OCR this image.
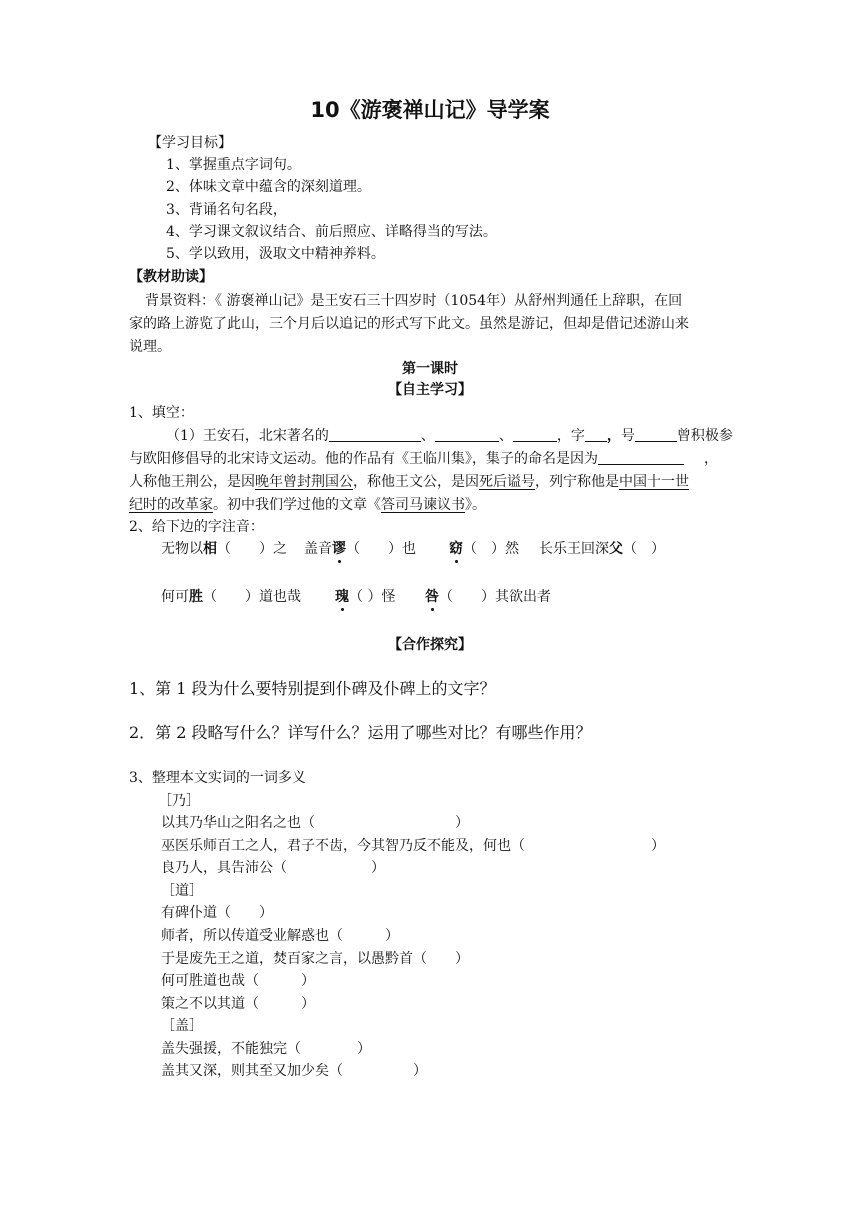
10《游褒禅山记》导学案
【学习目标】
1、掌握重点字词句。
2、体味文章中蕴含的深刻道理。
3、背诵名句名段，
4、学习课文叙议结合、前后照应、详略得当的写法。
5、学以致用，汲取文中精神养料。
【教材助读】
背景资料：《 游褒禅山记》是王安石三十四岁时（1054年）从舒州判通任上辞职，在回
家的路上游览了此山，三个月后以追记的形式写下此文。虽然是游记，但却是借记述游山来
说理。
第一课时
【自主学习】
1、填空：
（1）王安石，北宋著名的	、	、	，字 ，号	曾积极参
与欧阳修倡导的北宋诗文运动。他的作品有《王临川集》，集子的命名是因为	，
人称他王荆公，是因晚年曾封荆国公，称他王文公，是因死后谥号，列宁称他是中国十一世
纪时的改革家。初中我们学过他的文章《答司马谏议书》。
2、给下边的字注音：
无物以相（　　）之 盖音谬（　　）也 窈（　）然 长乐王回深父（　）
何可胜（　　）道也哉 瑰（ ）怪 咎（　　）其欲出者
【合作探究】
1、第 1 段为什么要特别提到仆碑及仆碑上的文字？
2．第 2 段略写什么？详写什么？运用了哪些对比？有哪些作用？
3、整理本文实词的一词多义
［乃］
以其乃华山之阳名之也（　　　　　　　　　　）
巫医乐师百工之人，君子不齿，今其智乃反不能及，何也（　　　　　　　　　）
良乃人，具告沛公（　　　　　　）
［道］
有碑仆道（　　）
师者，所以传道受业解惑也（　　　）
于是废先王之道，焚百家之言，以愚黔首（　　）
何可胜道也哉（　　　）
策之不以其道（　　　）
［盖］
盖失强援，不能独完（　　　　）
盖其又深，则其至又加少矣（　　　　　）
